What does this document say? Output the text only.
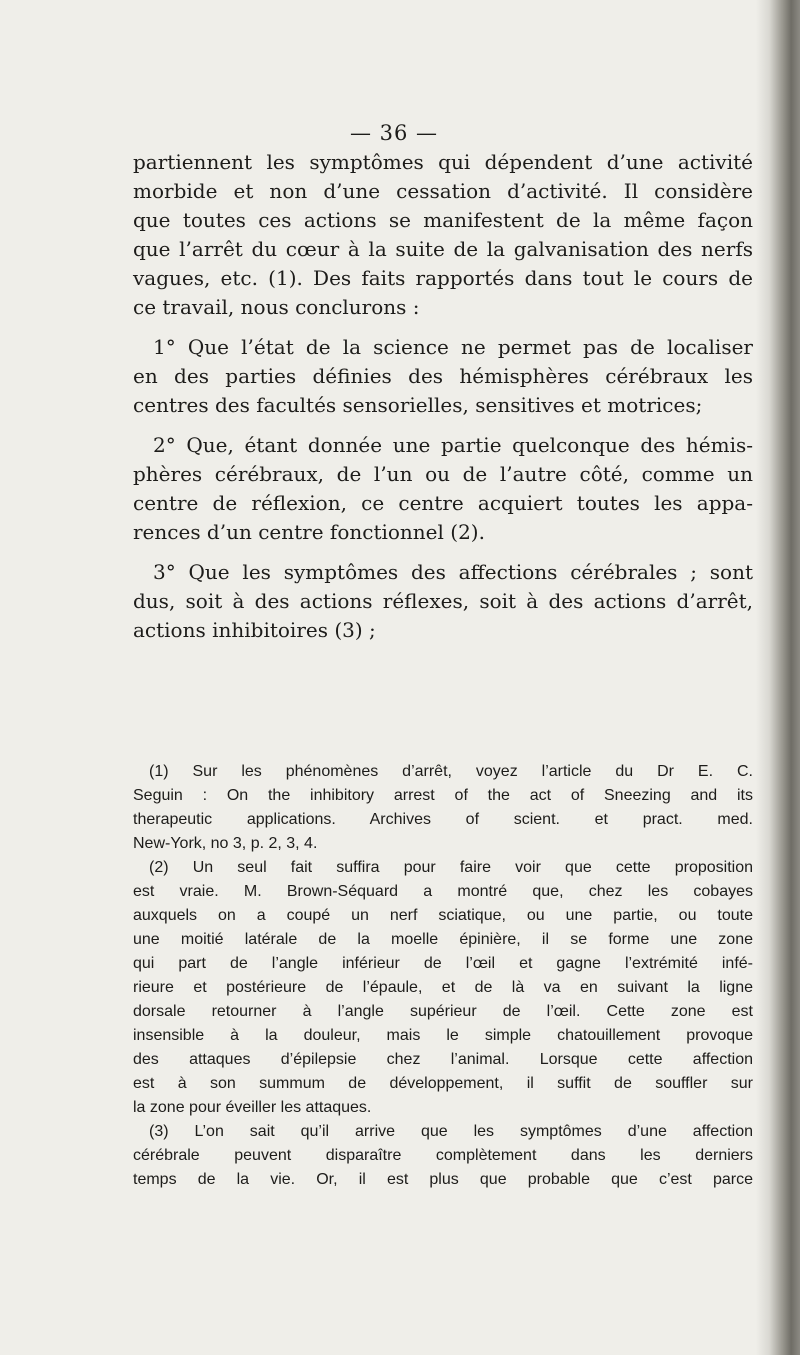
— 36 —
partiennent les symptômes qui dépendent d’une activité
morbide et non d’une cessation d’activité. Il considère
que toutes ces actions se manifestent de la même façon
que l’arrêt du cœur à la suite de la galvanisation des nerfs
vagues, etc. (1). Des faits rapportés dans tout le cours de
ce travail, nous conclurons :
1° Que l’état de la science ne permet pas de localiser
en des parties définies des hémisphères cérébraux les
centres des facultés sensorielles, sensitives et motrices;
2° Que, étant donnée une partie quelconque des hémis-
phères cérébraux, de l’un ou de l’autre côté, comme un
centre de réflexion, ce centre acquiert toutes les appa-
rences d’un centre fonctionnel (2).
3° Que les symptômes des affections cérébrales ; sont
dus, soit à des actions réflexes, soit à des actions d’arrêt,
actions inhibitoires (3) ;
(1) Sur les phénomènes d’arrêt, voyez l’article du Dr E. C.
Seguin : On the inhibitory arrest of the act of Sneezing and its
therapeutic applications. Archives of scient. et pract. med.
New-York, no 3, p. 2, 3, 4.
(2) Un seul fait suffira pour faire voir que cette proposition
est vraie. M. Brown-Séquard a montré que, chez les cobayes
auxquels on a coupé un nerf sciatique, ou une partie, ou toute
une moitié latérale de la moelle épinière, il se forme une zone
qui part de l’angle inférieur de l’œil et gagne l’extrémité infé-
rieure et postérieure de l’épaule, et de là va en suivant la ligne
dorsale retourner à l’angle supérieur de l’œil. Cette zone est
insensible à la douleur, mais le simple chatouillement provoque
des attaques d’épilepsie chez l’animal. Lorsque cette affection
est à son summum de développement, il suffit de souffler sur
la zone pour éveiller les attaques.
(3) L’on sait qu’il arrive que les symptômes d’une affection
cérébrale peuvent disparaître complètement dans les derniers
temps de la vie. Or, il est plus que probable que c’est parce
